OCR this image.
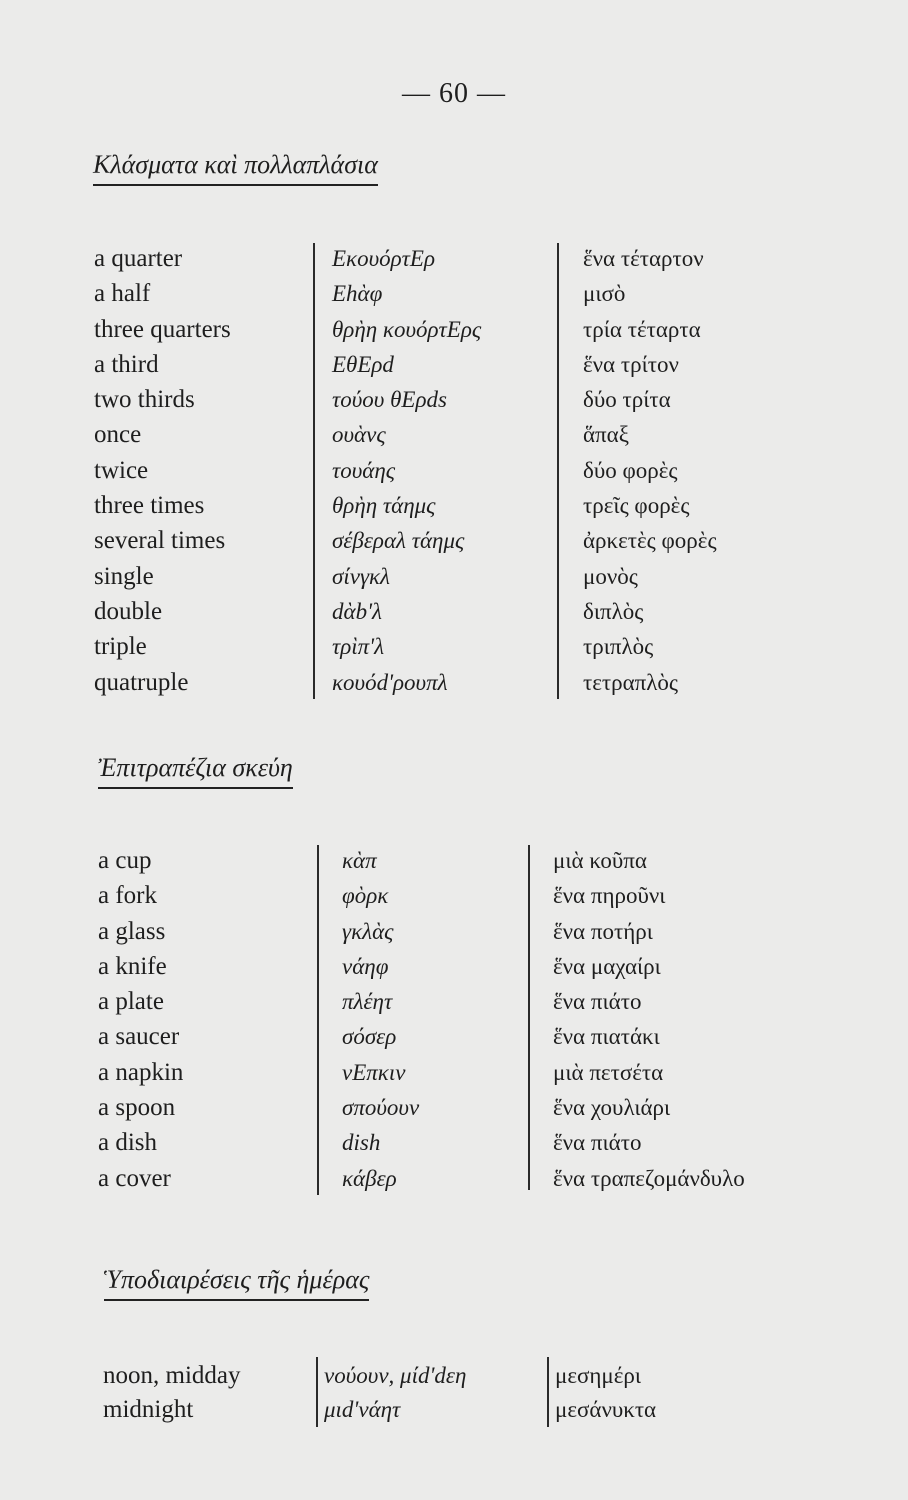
— 60 —
Κλάσματα καὶ πολλαπλάσια
a quarter
a half
three quarters
a third
two thirds
once
twice
three times
several times
single
double
triple
quatruple
ΕκουόρτΕρ
Εhὰφ
θρὴη κουόρτΕρς
ΕθΕρd
τούου θΕρds
ουὰνς
τουάης
θρὴη τάημς
σέβεραλ τάημς
σίνγκλ
dὰb'λ
τρὶπ'λ
κουόd'ρουπλ
ἕνα τέταρτον
μισὸ
τρία τέταρτα
ἕνα τρίτον
δύο τρίτα
ἅπαξ
δύο φορὲς
τρεῖς φορὲς
ἀρκετὲς φορὲς
μονὸς
διπλὸς
τριπλὸς
τετραπλὸς
Ἐπιτραπέζια σκεύη
a cup
a fork
a glass
a knife
a plate
a saucer
a napkin
a spoon
a dish
a cover
κὰπ
φὸρκ
γκλὰς
νάηφ
πλέητ
σόσερ
νΕπκιν
σπούουν
dish
κάβερ
μιὰ κοῦπα
ἕνα πηροῦνι
ἕνα ποτήρι
ἕνα μαχαίρι
ἕνα πιάτο
ἕνα πιατάκι
μιὰ πετσέτα
ἕνα χουλιάρι
ἕνα πιάτο
ἕνα τραπεζομάνδυλο
Ὑποδιαιρέσεις τῆς ἡμέρας
noon, midday
midnight
νούουν, μίd'dεη
μιd'νάητ
μεσημέρι
μεσάνυκτα
